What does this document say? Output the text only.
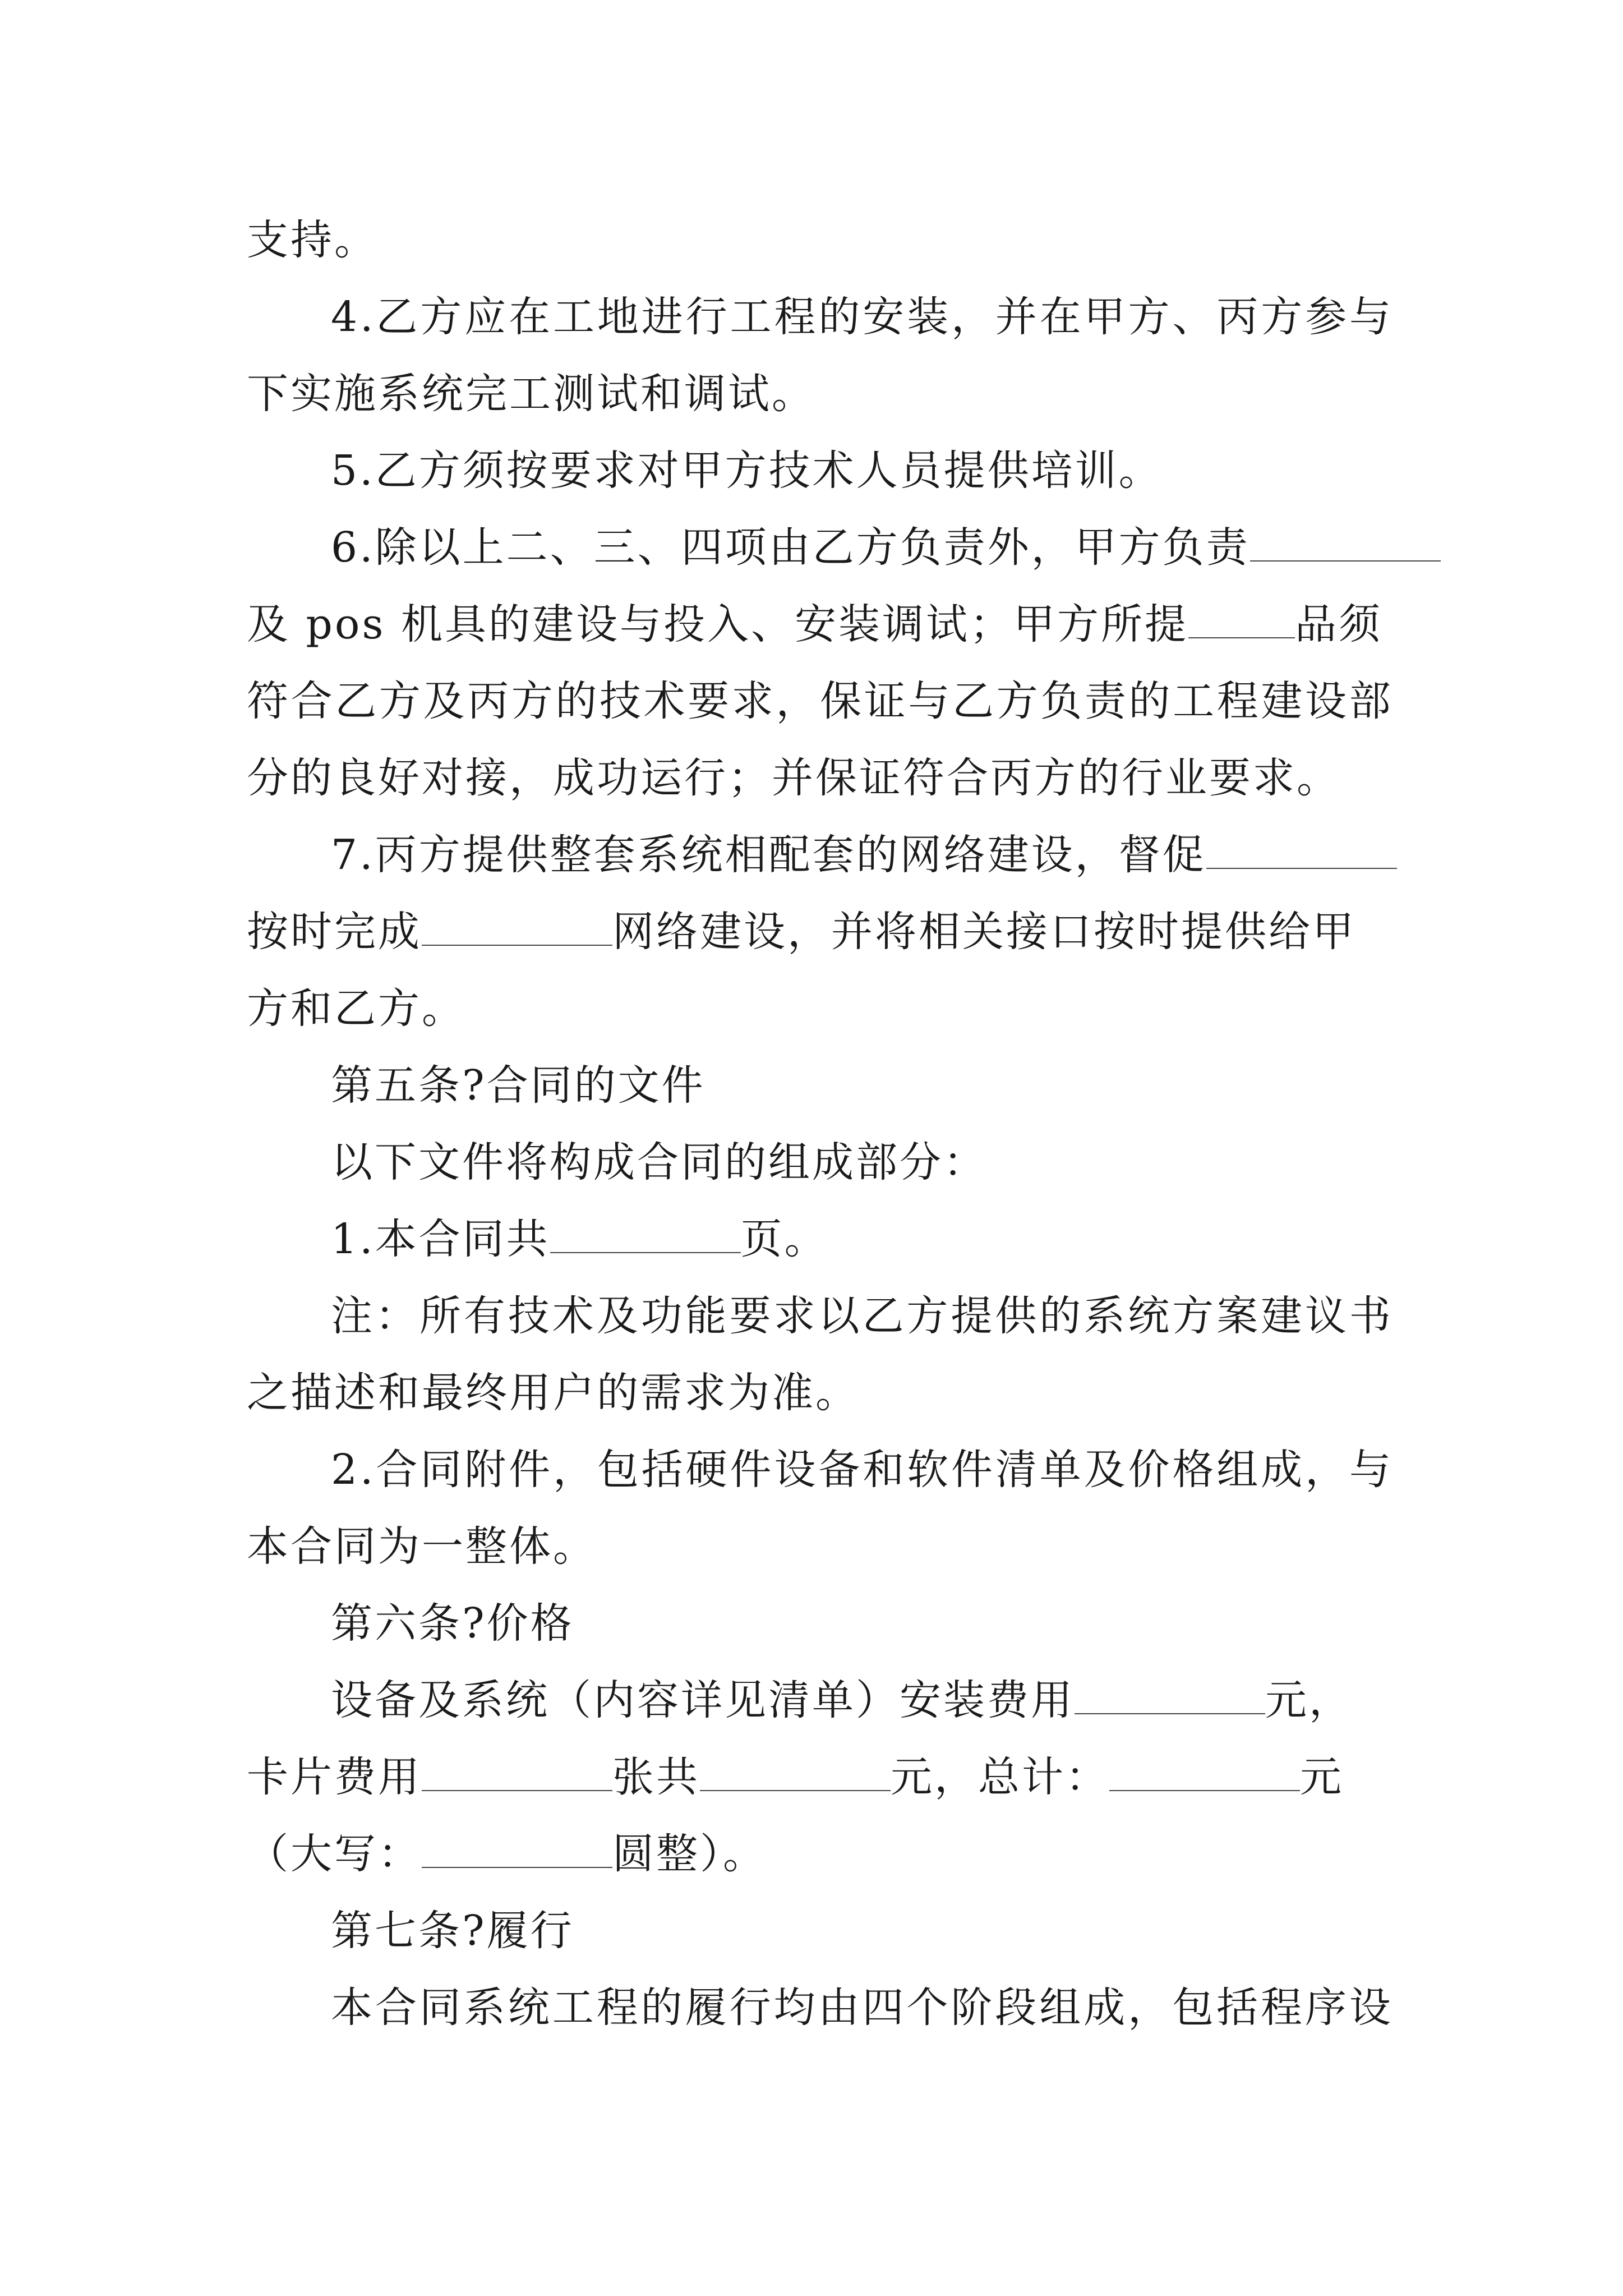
支持。
4 . 乙 方 应 在 工 地 进 行 工 程 的 安 装 ， 并 在 甲 方 、 丙 方 参 与
下实施系统完工测试和调试。
5.乙方须按要求对甲方技术人员提供培训。
6.除以上二、三、四项由乙方负责外，甲方负责
及 pos 机具的建设与投入、安装调试；甲方所提	品须
符 合 乙 方 及 丙 方 的 技 术 要 求 ， 保 证 与 乙 方 负 责 的 工 程 建 设 部
分的良好对接，成功运行；并保证符合丙方的行业要求。
7.丙方提供整套系统相配套的网络建设，督促
按时完成	网络建设，并将相关接口按时提供给甲
方和乙方。
第五条?合同的文件
以下文件将构成合同的组成部分：
1.本合同共	页。
注 ： 所 有 技 术 及 功 能 要 求 以 乙 方 提 供 的 系 统 方 案 建 议 书
之描述和最终用户的需求为准。
2 . 合 同 附 件 ， 包 括 硬 件 设 备 和 软 件 清 单 及 价 格 组 成 ， 与
本合同为一整体。
第六条?价格
设备及系统（内容详见清单）安装费用	元，
卡片费用	张共	元，总计：	元
（大写：	圆整）。
第七条?履行
本 合 同 系 统 工 程 的 履 行 均 由 四 个 阶 段 组 成 ， 包 括 程 序 设
